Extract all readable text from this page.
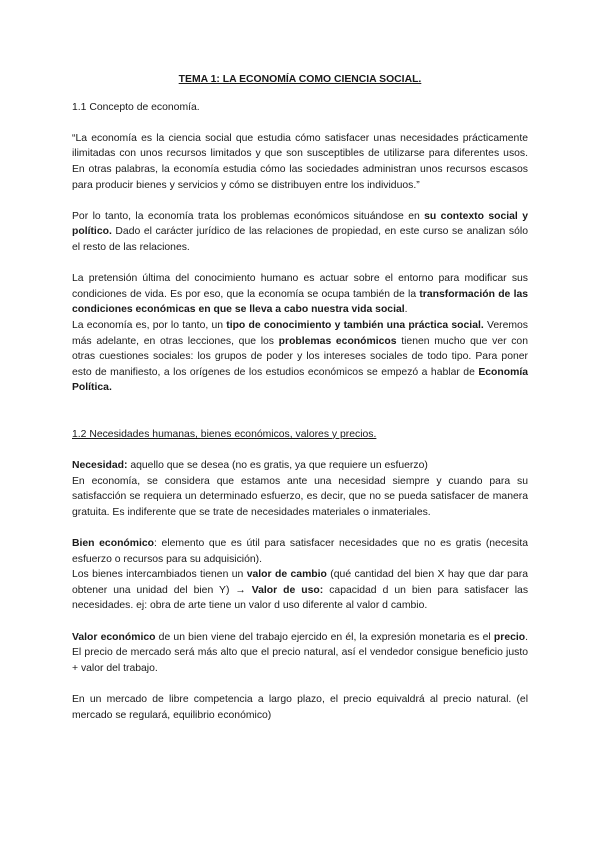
TEMA 1: LA ECONOMÍA COMO CIENCIA SOCIAL.

1.1 Concepto de economía.

“La economía es la ciencia social que estudia cómo satisfacer unas necesidades prácticamente ilimitadas con unos recursos limitados y que son susceptibles de utilizarse para diferentes usos. En otras palabras, la economía estudia cómo las sociedades administran unos recursos escasos para producir bienes y servicios y cómo se distribuyen entre los individuos.”

Por lo tanto, la economía trata los problemas económicos situándose en su contexto social y político. Dado el carácter jurídico de las relaciones de propiedad, en este curso se analizan sólo el resto de las relaciones.

La pretensión última del conocimiento humano es actuar sobre el entorno para modificar sus condiciones de vida. Es por eso, que la economía se ocupa también de la transformación de las condiciones económicas en que se lleva a cabo nuestra vida social.

La economía es, por lo tanto, un tipo de conocimiento y también una práctica social. Veremos más adelante, en otras lecciones, que los problemas económicos tienen mucho que ver con otras cuestiones sociales: los grupos de poder y los intereses sociales de todo tipo. Para poner esto de manifiesto, a los orígenes de los estudios económicos se empezó a hablar de Economía Política.

1.2 Necesidades humanas, bienes económicos, valores y precios.

Necesidad: aquello que se desea (no es gratis, ya que requiere un esfuerzo)

En economía, se considera que estamos ante una necesidad siempre y cuando para su satisfacción se requiera un determinado esfuerzo, es decir, que no se pueda satisfacer de manera gratuita. Es indiferente que se trate de necesidades materiales o inmateriales.

Bien económico: elemento que es útil para satisfacer necesidades que no es gratis (necesita esfuerzo o recursos para su adquisición).

Los bienes intercambiados tienen un valor de cambio (qué cantidad del bien X hay que dar para obtener una unidad del bien Y) → Valor de uso: capacidad d un bien para satisfacer las necesidades. ej: obra de arte tiene un valor d uso diferente al valor d cambio.

Valor económico de un bien viene del trabajo ejercido en él, la expresión monetaria es el precio. El precio de mercado será más alto que el precio natural, así el vendedor consigue beneficio justo + valor del trabajo.

En un mercado de libre competencia a largo plazo, el precio equivaldrá al precio natural. (el mercado se regulará, equilibrio económico)
